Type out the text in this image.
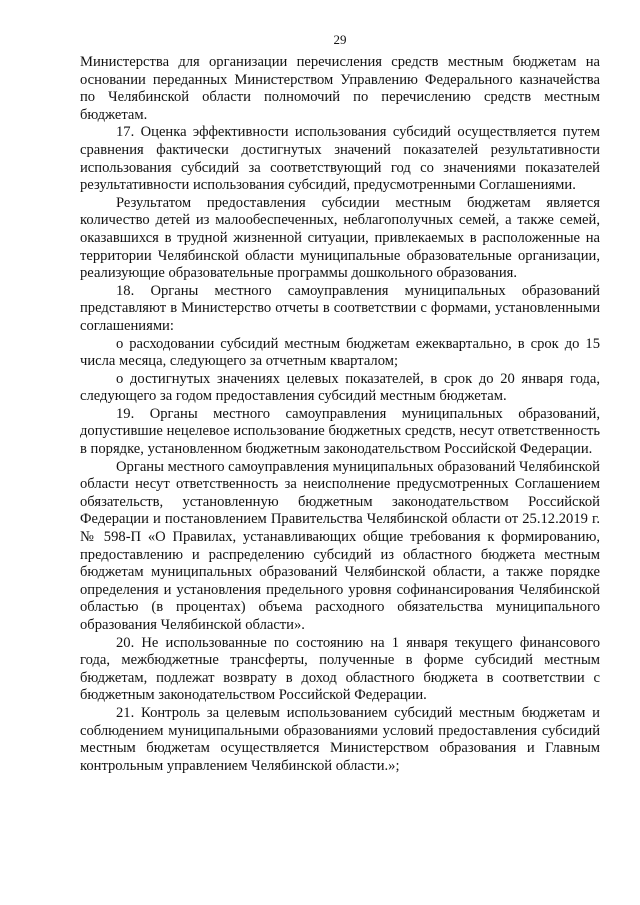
29

Министерства для организации перечисления средств местным бюджетам на основании переданных Министерством Управлению Федерального казначейства по Челябинской области полномочий по перечислению средств местным бюджетам.

17. Оценка эффективности использования субсидий осуществляется путем сравнения фактически достигнутых значений показателей результативности использования субсидий за соответствующий год со значениями показателей результативности использования субсидий, предусмотренными Соглашениями.

Результатом предоставления субсидии местным бюджетам является количество детей из малообеспеченных, неблагополучных семей, а также семей, оказавшихся в трудной жизненной ситуации, привлекаемых в расположенные на территории Челябинской области муниципальные образовательные организации, реализующие образовательные программы дошкольного образования.

18. Органы местного самоуправления муниципальных образований представляют в Министерство отчеты в соответствии с формами, установленными соглашениями:

о расходовании субсидий местным бюджетам ежеквартально, в срок до 15 числа месяца, следующего за отчетным кварталом;

о достигнутых значениях целевых показателей, в срок до 20 января года, следующего за годом предоставления субсидий местным бюджетам.

19. Органы местного самоуправления муниципальных образований, допустившие нецелевое использование бюджетных средств, несут ответственность в порядке, установленном бюджетным законодательством Российской Федерации.

Органы местного самоуправления муниципальных образований Челябинской области несут ответственность за неисполнение предусмотренных Соглашением обязательств, установленную бюджетным законодательством Российской Федерации и постановлением Правительства Челябинской области от 25.12.2019 г. № 598-П «О Правилах, устанавливающих общие требования к формированию, предоставлению и распределению субсидий из областного бюджета местным бюджетам муниципальных образований Челябинской области, а также порядке определения и установления предельного уровня софинансирования Челябинской областью (в процентах) объема расходного обязательства муниципального образования Челябинской области».

20. Не использованные по состоянию на 1 января текущего финансового года, межбюджетные трансферты, полученные в форме субсидий местным бюджетам, подлежат возврату в доход областного бюджета в соответствии с бюджетным законодательством Российской Федерации.

21. Контроль за целевым использованием субсидий местным бюджетам и соблюдением муниципальными образованиями условий предоставления субсидий местным бюджетам осуществляется Министерством образования и Главным контрольным управлением Челябинской области.»;
